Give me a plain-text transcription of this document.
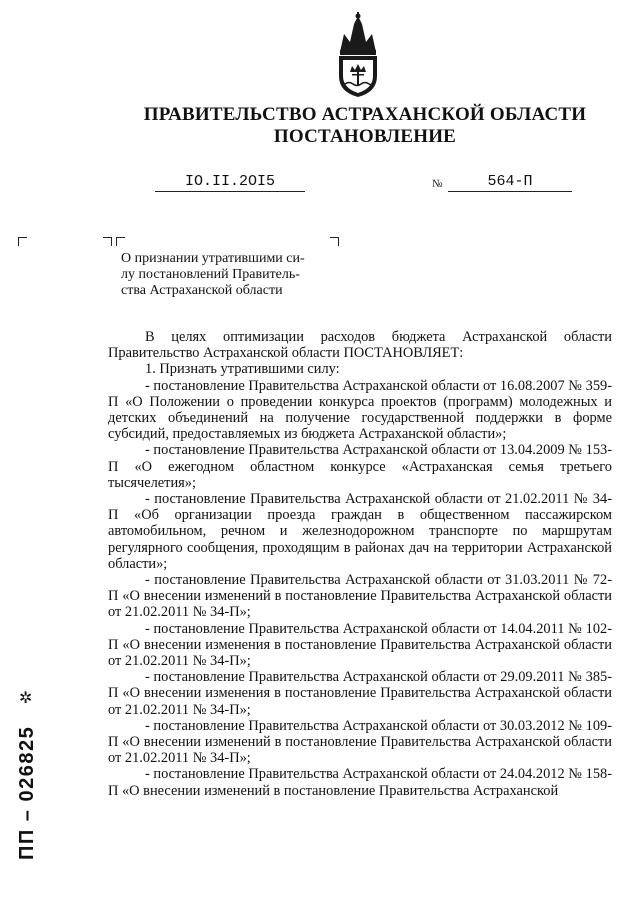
ПРАВИТЕЛЬСТВО АСТРАХАНСКОЙ ОБЛАСТИ
ПОСТАНОВЛЕНИЕ
IO.II.2OI5	№	564-П
О признании утратившими си-
лу постановлений Правитель-
ства Астраханской области

В целях оптимизации расходов бюджета Астраханской области Правительство Астраханской области ПОСТАНОВЛЯЕТ:

1. Признать утратившими силу:

- постановление Правительства Астраханской области от 16.08.2007 № 359-П «О Положении о проведении конкурса проектов (программ) молодежных и детских объединений на получение государственной поддержки в форме субсидий, предоставляемых из бюджета Астраханской области»;

- постановление Правительства Астраханской области от 13.04.2009 № 153-П «О ежегодном областном конкурсе «Астраханская семья третьего тысячелетия»;

- постановление Правительства Астраханской области от 21.02.2011 № 34-П «Об организации проезда граждан в общественном пассажирском автомобильном, речном и железнодорожном транспорте по маршрутам регулярного сообщения, проходящим в районах дач на территории Астраханской области»;

- постановление Правительства Астраханской области от 31.03.2011 № 72-П «О внесении изменений в постановление Правительства Астраханской области от 21.02.2011 № 34-П»;

- постановление Правительства Астраханской области от 14.04.2011 № 102-П «О внесении изменения в постановление Правительства Астраханской области от 21.02.2011 № 34-П»;

- постановление Правительства Астраханской области от 29.09.2011 № 385-П «О внесении изменения в постановление Правительства Астраханской области от 21.02.2011 № 34-П»;

- постановление Правительства Астраханской области от 30.03.2012 № 109-П «О внесении изменений в постановление Правительства Астраханской области от 21.02.2011 № 34-П»;

- постановление Правительства Астраханской области от 24.04.2012 № 158-П «О внесении изменений в постановление Правительства Астраханской

✲
ПП – 026825
